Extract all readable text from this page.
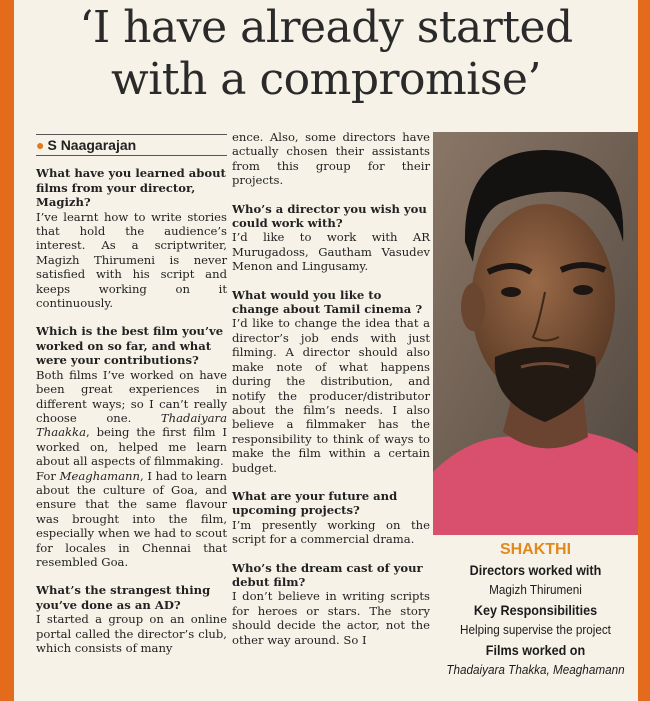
‘I have already started
with a compromise’
● S Naagarajan

What have you learned about films from your director, Magizh?

I’ve learnt how to write stories that hold the audience’s interest. As a scriptwriter, Magizh Thirumeni is never satisfied with his script and keeps working on it continuously.

Which is the best film you’ve worked on so far, and what were your contributions?

Both films I’ve worked on have been great experiences in different ways; so I can’t really choose one. Thadaiyara Thaakka, being the first film I worked on, helped me learn about all aspects of filmmaking.

For Meaghamann, I had to learn about the culture of Goa, and ensure that the same flavour was brought into the film, especially when we had to scout for locales in Chennai that resembled Goa.

What’s the strangest thing you’ve done as an AD?

I started a group on an online portal called the director’s club, which consists of many

ence. Also, some directors have actually chosen their assistants from this group for their projects.

Who’s a director you wish you could work with?

I’d like to work with AR Murugadoss, Gautham Vasudev Menon and Lingusamy.

What would you like to change about Tamil cinema ?

I’d like to change the idea that a director’s job ends with just filming. A director should also make note of what happens during the distribution, and notify the producer/distributor about the film’s needs. I also believe a filmmaker has the responsibility to think of ways to make the film within a certain budget.

What are your future and upcoming projects?

I’m presently working on the script for a commercial drama.

Who’s the dream cast of your debut film?

I don’t believe in writing scripts for heroes or stars. The story should decide the actor, not the other way around. So I

SHAKTHI
Directors worked with
Magizh Thirumeni
Key Responsibilities
Helping supervise the project
Films worked on
Thadaiyara Thakka, Meaghamann
